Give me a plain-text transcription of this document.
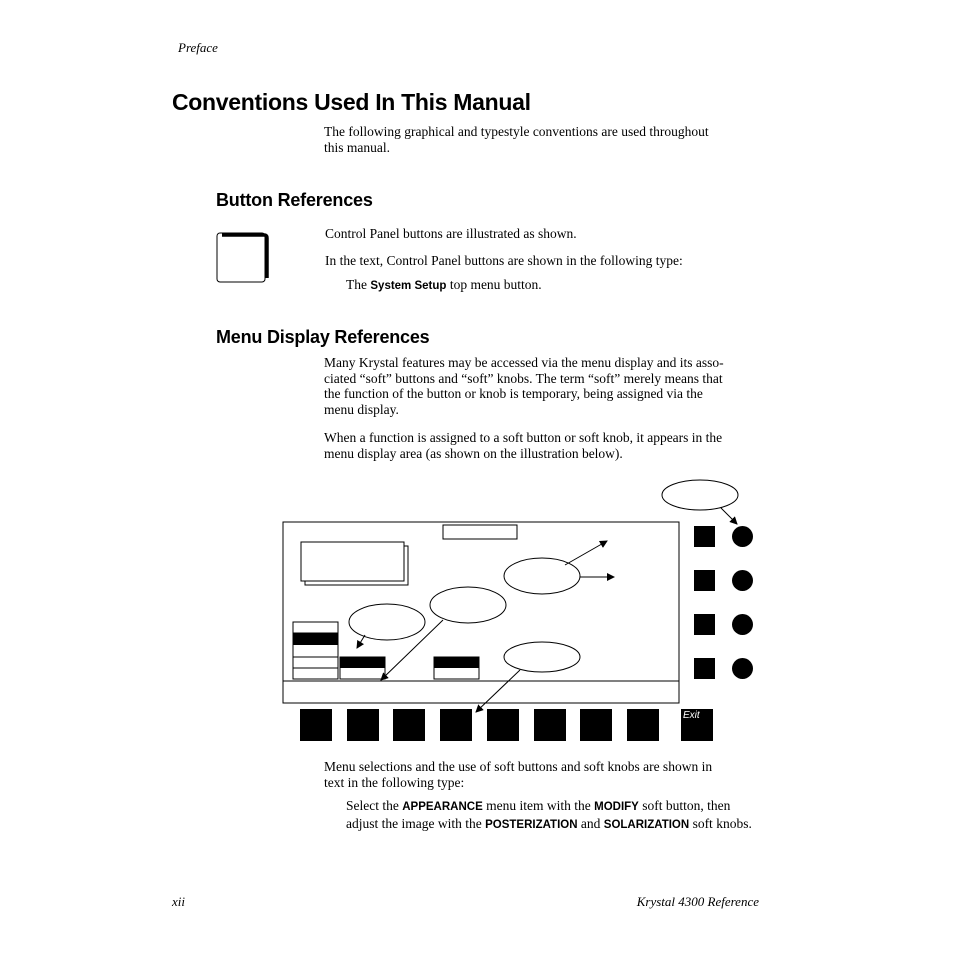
Preface
Conventions Used In This Manual
The following graphical and typestyle conventions are used throughout
this manual.
Button References
Control Panel buttons are illustrated as shown.
In the text, Control Panel buttons are shown in the following type:
The System Setup top menu button.
Menu Display References
Many Krystal features may be accessed via the menu display and its asso-
ciated “soft” buttons and “soft” knobs. The term “soft” merely means that
the function of the button or knob is temporary, being assigned via the
menu display.
When a function is assigned to a soft button or soft knob, it appears in the
menu display area (as shown on the illustration below).
Exit
Menu selections and the use of soft buttons and soft knobs are shown in
text in the following type:
Select the APPEARANCE menu item with the MODIFY soft button, then
adjust the image with the POSTERIZATION and SOLARIZATION soft knobs.
xii	Krystal 4300 Reference
